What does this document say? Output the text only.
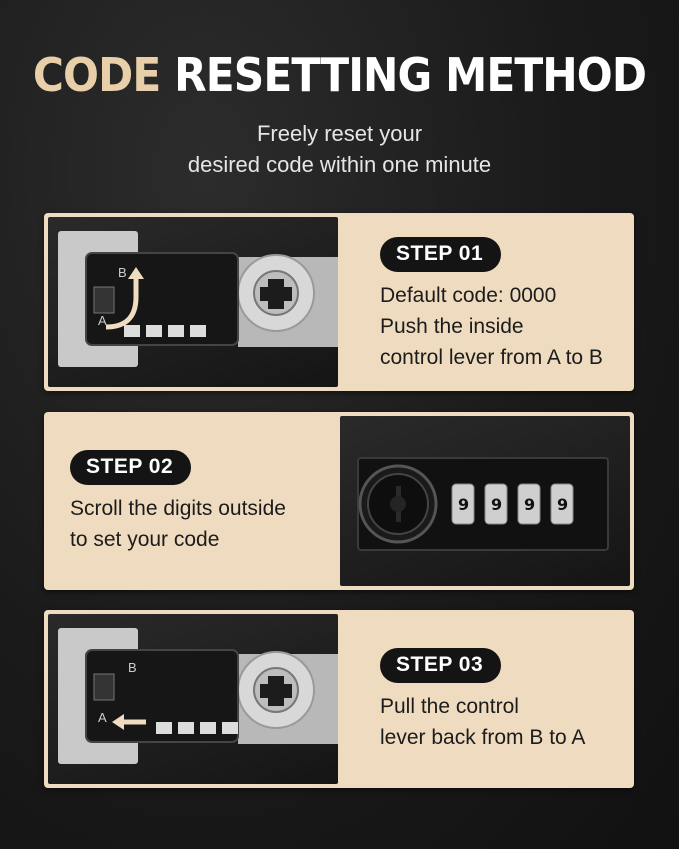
CODE RESETTING METHOD
Freely reset your
desired code within one minute
B
A
STEP 01
Default code: 0000
Push the inside
control lever from A to B
STEP 02
Scroll the digits outside
to set your code
9 9 9 9
B
A
STEP 03
Pull the control
lever back from B to A
